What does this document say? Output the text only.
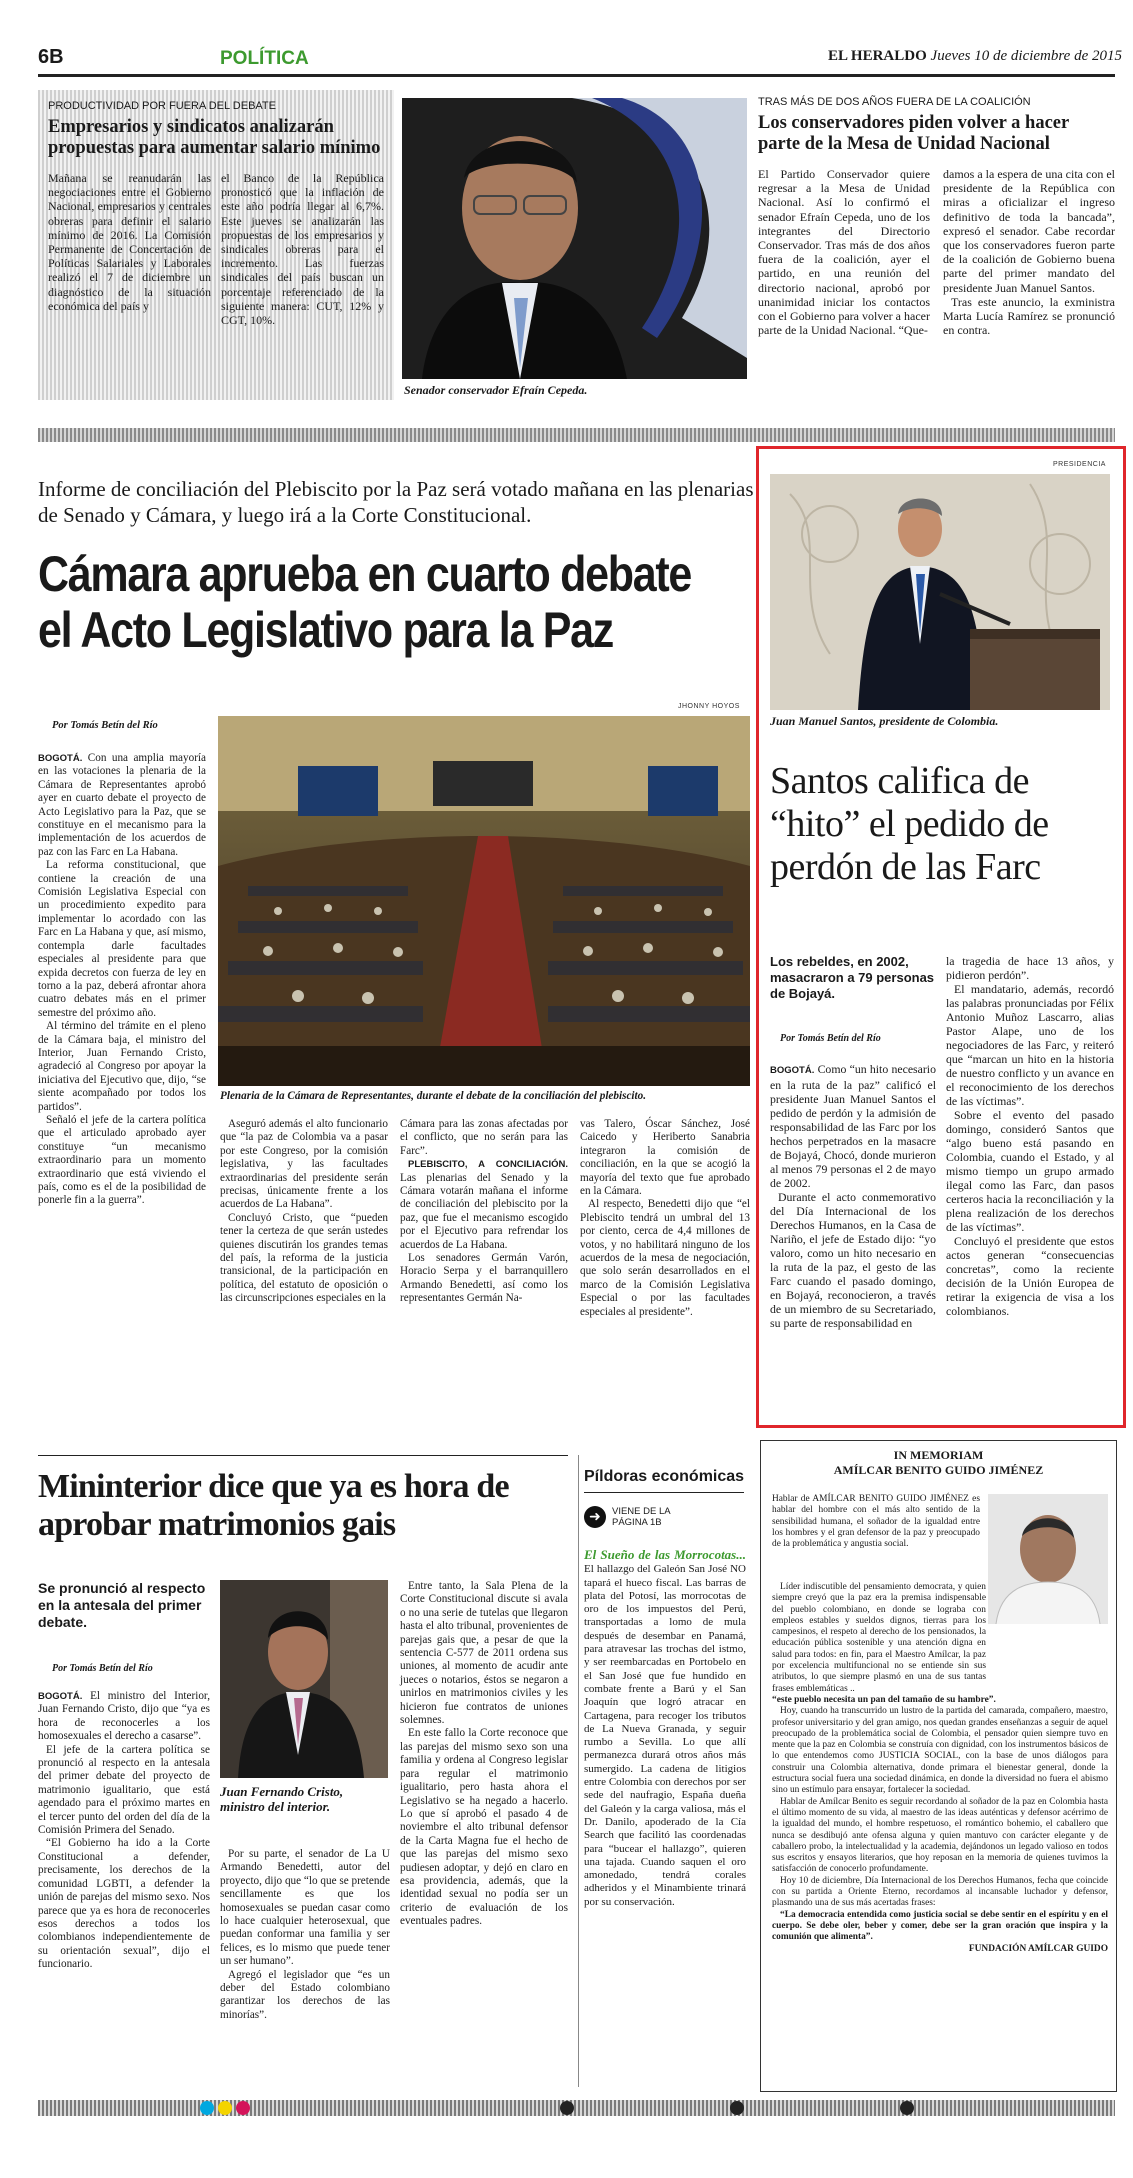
6B	POLÍTICA	EL HERALDO Jueves 10 de diciembre de 2015
PRODUCTIVIDAD POR FUERA DEL DEBATE
Empresarios y sindicatos analizarán propuestas para aumentar salario mínimo

Mañana se reanudarán las negociaciones entre el Gobierno Nacional, empresarios y centrales obreras para definir el salario mínimo de 2016. La Comisión Permanente de Concertación de Políticas Salariales y Laborales realizó el 7 de diciembre un diagnóstico de la situación económica del país y

el Banco de la República pronosticó que la inflación de este año podría llegar al 6,7%. Este jueves se analizarán las propuestas de los empresarios y sindicales obreras para el incremento. Las fuerzas sindicales del país buscan un porcentaje referenciado de la siguiente manera: CUT, 12% y CGT, 10%.

Senador conservador Efraín Cepeda.
TRAS MÁS DE DOS AÑOS FUERA DE LA COALICIÓN
Los conservadores piden volver a hacer parte de la Mesa de Unidad Nacional

El Partido Conservador quiere regresar a la Mesa de Unidad Nacional. Así lo confirmó el senador Efraín Cepeda, uno de los integrantes del Directorio Conservador. Tras más de dos años fuera de la coalición, ayer el partido, en una reunión del directorio nacional, aprobó por unanimidad iniciar los contactos con el Gobierno para volver a hacer parte de la Unidad Nacional. “Que-

damos a la espera de una cita con el presidente de la República con miras a oficializar el ingreso definitivo de toda la bancada”, expresó el senador. Cabe recordar que los conservadores fueron parte de la coalición de Gobierno buena parte del primer mandato del presidente Juan Manuel Santos.

Tras este anuncio, la exministra Marta Lucía Ramírez se pronunció en contra.

Informe de conciliación del Plebiscito por la Paz será votado mañana en las plenarias de Senado y Cámara, y luego irá a la Corte Constitucional.
Cámara aprueba en cuarto debate
el Acto Legislativo para la Paz
Por Tomás Betín del Río
JHONNY HOYOS

BOGOTÁ. Con una amplia mayoría en las votaciones la plenaria de la Cámara de Representantes aprobó ayer en cuarto debate el proyecto de Acto Legislativo para la Paz, que se constituye en el mecanismo para la implementación de los acuerdos de paz con las Farc en La Habana.

La reforma constitucional, que contiene la creación de una Comisión Legislativa Especial con un procedimiento expedito para implementar lo acordado con las Farc en La Habana y que, así mismo, contempla darle facultades especiales al presidente para que expida decretos con fuerza de ley en torno a la paz, deberá afrontar ahora cuatro debates más en el primer semestre del próximo año.

Al término del trámite en el pleno de la Cámara baja, el ministro del Interior, Juan Fernando Cristo, agradeció al Congreso por apoyar la iniciativa del Ejecutivo que, dijo, “se siente acompañado por todos los partidos”.

Señaló el jefe de la cartera política que el articulado aprobado ayer constituye “un mecanismo extraordinario para un momento extraordinario que está viviendo el país, como es el de la posibilidad de ponerle fin a la guerra”.

Plenaria de la Cámara de Representantes, durante el debate de la conciliación del plebiscito.

Aseguró además el alto funcionario que “la paz de Colombia va a pasar por este Congreso, por la comisión legislativa, y las facultades extraordinarias del presidente serán precisas, únicamente frente a los acuerdos de La Habana”.

Concluyó Cristo, que “pueden tener la certeza de que serán ustedes quienes discutirán los grandes temas del país, la reforma de la justicia transicional, de la participación en política, del estatuto de oposición o las circunscripciones especiales en la

Cámara para las zonas afectadas por el conflicto, que no serán para las Farc”.

PLEBISCITO, A CONCILIACIÓN. Las plenarias del Senado y la Cámara votarán mañana el informe de conciliación del plebiscito por la paz, que fue el mecanismo escogido por el Ejecutivo para refrendar los acuerdos de La Habana.

Los senadores Germán Varón, Horacio Serpa y el barranquillero Armando Benedetti, así como los representantes Germán Na-

vas Talero, Óscar Sánchez, José Caicedo y Heriberto Sanabria integraron la comisión de conciliación, en la que se acogió la mayoría del texto que fue aprobado en la Cámara.

Al respecto, Benedetti dijo que “el Plebiscito tendrá un umbral del 13 por ciento, cerca de 4,4 millones de votos, y no habilitará ninguno de los acuerdos de la mesa de negociación, que solo serán desarrollados en el marco de la Comisión Legislativa Especial o por las facultades especiales al presidente”.

PRESIDENCIA
Juan Manuel Santos, presidente de Colombia.
Santos califica de “hito” el pedido de perdón de las Farc
Los rebeldes, en 2002, masacraron a 79 personas de Bojayá.
Por Tomás Betín del Río

BOGOTÁ. Como “un hito necesario en la ruta de la paz” calificó el presidente Juan Manuel Santos el pedido de perdón y la admisión de responsabilidad de las Farc por los hechos perpetrados en la masacre de Bojayá, Chocó, donde murieron al menos 79 personas el 2 de mayo de 2002.

Durante el acto conmemorativo del Día Internacional de los Derechos Humanos, en la Casa de Nariño, el jefe de Estado dijo: “yo valoro, como un hito necesario en la ruta de la paz, el gesto de las Farc cuando el pasado domingo, en Bojayá, reconocieron, a través de un miembro de su Secretariado, su parte de responsabilidad en

la tragedia de hace 13 años, y pidieron perdón”.

El mandatario, además, recordó las palabras pronunciadas por Félix Antonio Muñoz Lascarro, alias Pastor Alape, uno de los negociadores de las Farc, y reiteró que “marcan un hito en la historia de nuestro conflicto y un avance en el reconocimiento de los derechos de las víctimas”.

Sobre el evento del pasado domingo, consideró Santos que “algo bueno está pasando en Colombia, cuando el Estado, y al mismo tiempo un grupo armado ilegal como las Farc, dan pasos certeros hacia la reconciliación y la plena realización de los derechos de las víctimas”.

Concluyó el presidente que estos actos generan “consecuencias concretas”, como la reciente decisión de la Unión Europea de retirar la exigencia de visa a los colombianos.

Mininterior dice que ya es hora de aprobar matrimonios gais
Se pronunció al respecto en la antesala del primer debate.
Por Tomás Betín del Río

BOGOTÁ. El ministro del Interior, Juan Fernando Cristo, dijo que “ya es hora de reconocerles a los homosexuales el derecho a casarse”.

El jefe de la cartera política se pronunció al respecto en la antesala del primer debate del proyecto de matrimonio igualitario, que está agendado para el próximo martes en el tercer punto del orden del día de la Comisión Primera del Senado.

“El Gobierno ha ido a la Corte Constitucional a defender, precisamente, los derechos de la comunidad LGBTI, a defender la unión de parejas del mismo sexo. Nos parece que ya es hora de reconocerles esos derechos a todos los colombianos independientemente de su orientación sexual”, dijo el funcionario.

Juan Fernando Cristo, ministro del interior.

Por su parte, el senador de La U Armando Benedetti, autor del proyecto, dijo que “lo que se pretende sencillamente es que los homosexuales se puedan casar como lo hace cualquier heterosexual, que puedan conformar una familia y ser felices, es lo mismo que puede tener un ser humano”.

Agregó el legislador que “es un deber del Estado colombiano garantizar los derechos de las minorías”.

Entre tanto, la Sala Plena de la Corte Constitucional discute si avala o no una serie de tutelas que llegaron hasta el alto tribunal, provenientes de parejas gais que, a pesar de que la sentencia C-577 de 2011 ordena sus uniones, al momento de acudir ante jueces o notarios, éstos se negaron a unirlos en matrimonios civiles y les hicieron fue contratos de uniones solemnes.

En este fallo la Corte reconoce que las parejas del mismo sexo son una familia y ordena al Congreso legislar para regular el matrimonio igualitario, pero hasta ahora el Legislativo se ha negado a hacerlo. Lo que sí aprobó el pasado 4 de noviembre el alto tribunal defensor de la Carta Magna fue el hecho de que las parejas del mismo sexo pudiesen adoptar, y dejó en claro en esa providencia, además, que la identidad sexual no podía ser un criterio de evaluación de los eventuales padres.

Píldoras económicas
➜	VIENE DE LA PÁGINA 1B

El Sueño de las Morrocotas... El hallazgo del Galeón San José NO tapará el hueco fiscal. Las barras de plata del Potosí, las morrocotas de oro de los impuestos del Perú, transportadas a lomo de mula después de desembar en Panamá, para atravesar las trochas del istmo, y ser reembarcadas en Portobelo en el San José que fue hundido en combate frente a Barú y el San Joaquín que logró atracar en Cartagena, para recoger los tributos de La Nueva Granada, y seguir rumbo a Sevilla. Lo que allí permanezca durará otros años más sumergido. La cadena de litigios entre Colombia con derechos por ser sede del naufragio, España dueña del Galeón y la carga valiosa, más el Dr. Danilo, apoderado de la Cía Search que facilitó las coordenadas para “bucear el hallazgo”, quieren una tajada. Cuando saquen el oro amonedado, tendrá corales adheridos y el Minambiente trinará por su conservación.

IN MEMORIAM
AMÍLCAR BENITO GUIDO JIMÉNEZ

Hablar de AMÍLCAR BENITO GUIDO JIMÉNEZ es hablar del hombre con el más alto sentido de la sensibilidad humana, el soñador de la igualdad entre los hombres y el gran defensor de la paz y preocupado de la problemática y angustia social.

Líder indiscutible del pensamiento democrata, y quien siempre creyó que la paz era la premisa indispensable del pueblo colombiano, en donde se lograba con empleos estables y sueldos dignos, tierras para los campesinos, el respeto al derecho de los pensionados, la educación pública sostenible y una atención digna en salud para todos: en fin, para el Maestro Amílcar, la paz por excelencia multifuncional no se entiende sin sus atributos, lo que siempre plasmó en una de sus tantas frases emblemáticas ..

“este pueblo necesita un pan del tamaño de su hambre”.

Hoy, cuando ha transcurrido un lustro de la partida del camarada, compañero, maestro, profesor universitario y del gran amigo, nos quedan grandes enseñanzas a seguir de aquel preocupado de la problemática social de Colombia, el pensador quien siempre tuvo en mente que la paz en Colombia se construía con dignidad, con los instrumentos básicos de lo que entendemos como JUSTICIA SOCIAL, con la base de unos diálogos para construir una Colombia alternativa, donde primara el bienestar general, donde la estructura social fuera una sociedad dinámica, en donde la diversidad no fuera el abismo sino un estímulo para ensayar, fortalecer la sociedad.

Hablar de Amílcar Benito es seguir recordando al soñador de la paz en Colombia hasta el último momento de su vida, al maestro de las ideas auténticas y defensor acérrimo de la igualdad del mundo, el hombre respetuoso, el romántico bohemio, el caballero que nunca se desdibujó ante ofensa alguna y quien mantuvo con carácter elegante y de caballero probo, la intelectualidad y la academia, dejándonos un legado valioso en todos sus escritos y ensayos literarios, que hoy reposan en la memoria de quienes tuvimos la satisfacción de conocerlo profundamente.

Hoy 10 de diciembre, Día Internacional de los Derechos Humanos, fecha que coincide con su partida a Oriente Eterno, recordamos al incansable luchador y defensor, plasmando una de sus más acertadas frases:

“La democracia entendida como justicia social se debe sentir en el espíritu y en el cuerpo. Se debe oler, beber y comer, debe ser la gran oración que inspira y la comunión que alimenta”.

FUNDACIÓN AMÍLCAR GUIDO
